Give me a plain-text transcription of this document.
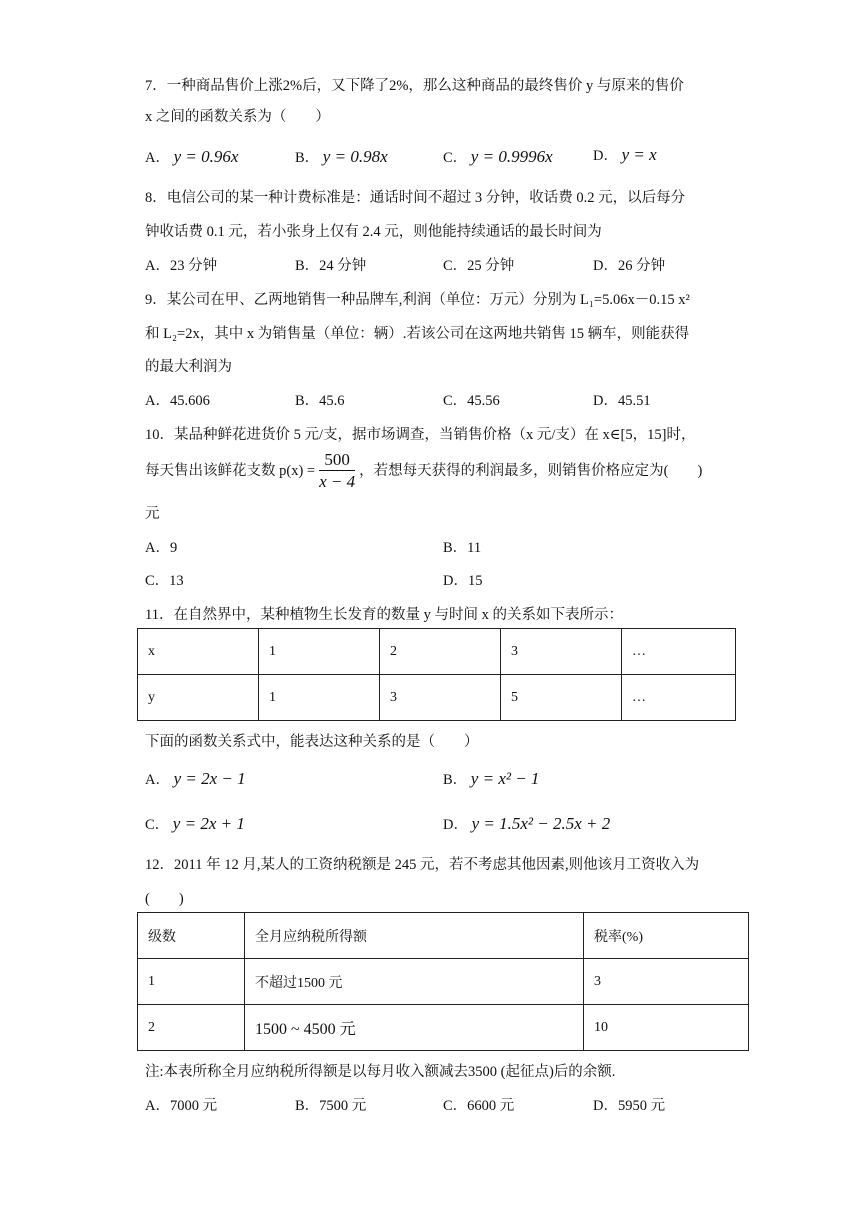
7．一种商品售价上涨2%后，又下降了2%，那么这种商品的最终售价 y 与原来的售价
x 之间的函数关系为（　　）
A． y = 0.96x	B． y = 0.98x	C． y = 0.9996x	D． y = x
8．电信公司的某一种计费标准是：通话时间不超过 3 分钟，收话费 0.2 元，以后每分
钟收话费 0.1 元，若小张身上仅有 2.4 元，则他能持续通话的最长时间为
A．23 分钟	B．24 分钟	C．25 分钟	D．26 分钟
9．某公司在甲、乙两地销售一种品牌车,利润（单位：万元）分别为 L₁=5.06x－0.15 x²
和 L₂=2x，其中 x 为销售量（单位：辆）.若该公司在这两地共销售 15 辆车，则能获得
的最大利润为
A．45.606	B．45.6	C．45.56	D．45.51
10．某品种鲜花进货价 5 元/支，据市场调查，当销售价格（x 元/支）在 x∈[5，15]时，
每天售出该鲜花支数 $p(x) = \frac{500}{x - 4}$ ，若想每天获得的利润最多，则销售价格应定为(　　)
元
A．9	B．11
C．13	D．15
11．在自然界中，某种植物生长发育的数量 y 与时间 x 的关系如下表所示：
x	1	2	3	…
y	1	3	5	…
下面的函数关系式中，能表达这种关系的是（　　）
A． y = 2x − 1	B． y = x² − 1
C． y = 2x + 1	D． y = 1.5x² − 2.5x + 2
12．2011 年 12 月,某人的工资纳税额是 245 元，若不考虑其他因素,则他该月工资收入为
(　　)
级数	全月应纳税所得额	税率(%)
1	不超过1500 元	3
2	1500 ~ 4500 元	10
注:本表所称全月应纳税所得额是以每月收入额减去3500 (起征点)后的余额.
A．7000 元	B．7500 元	C．6600 元	D．5950 元
